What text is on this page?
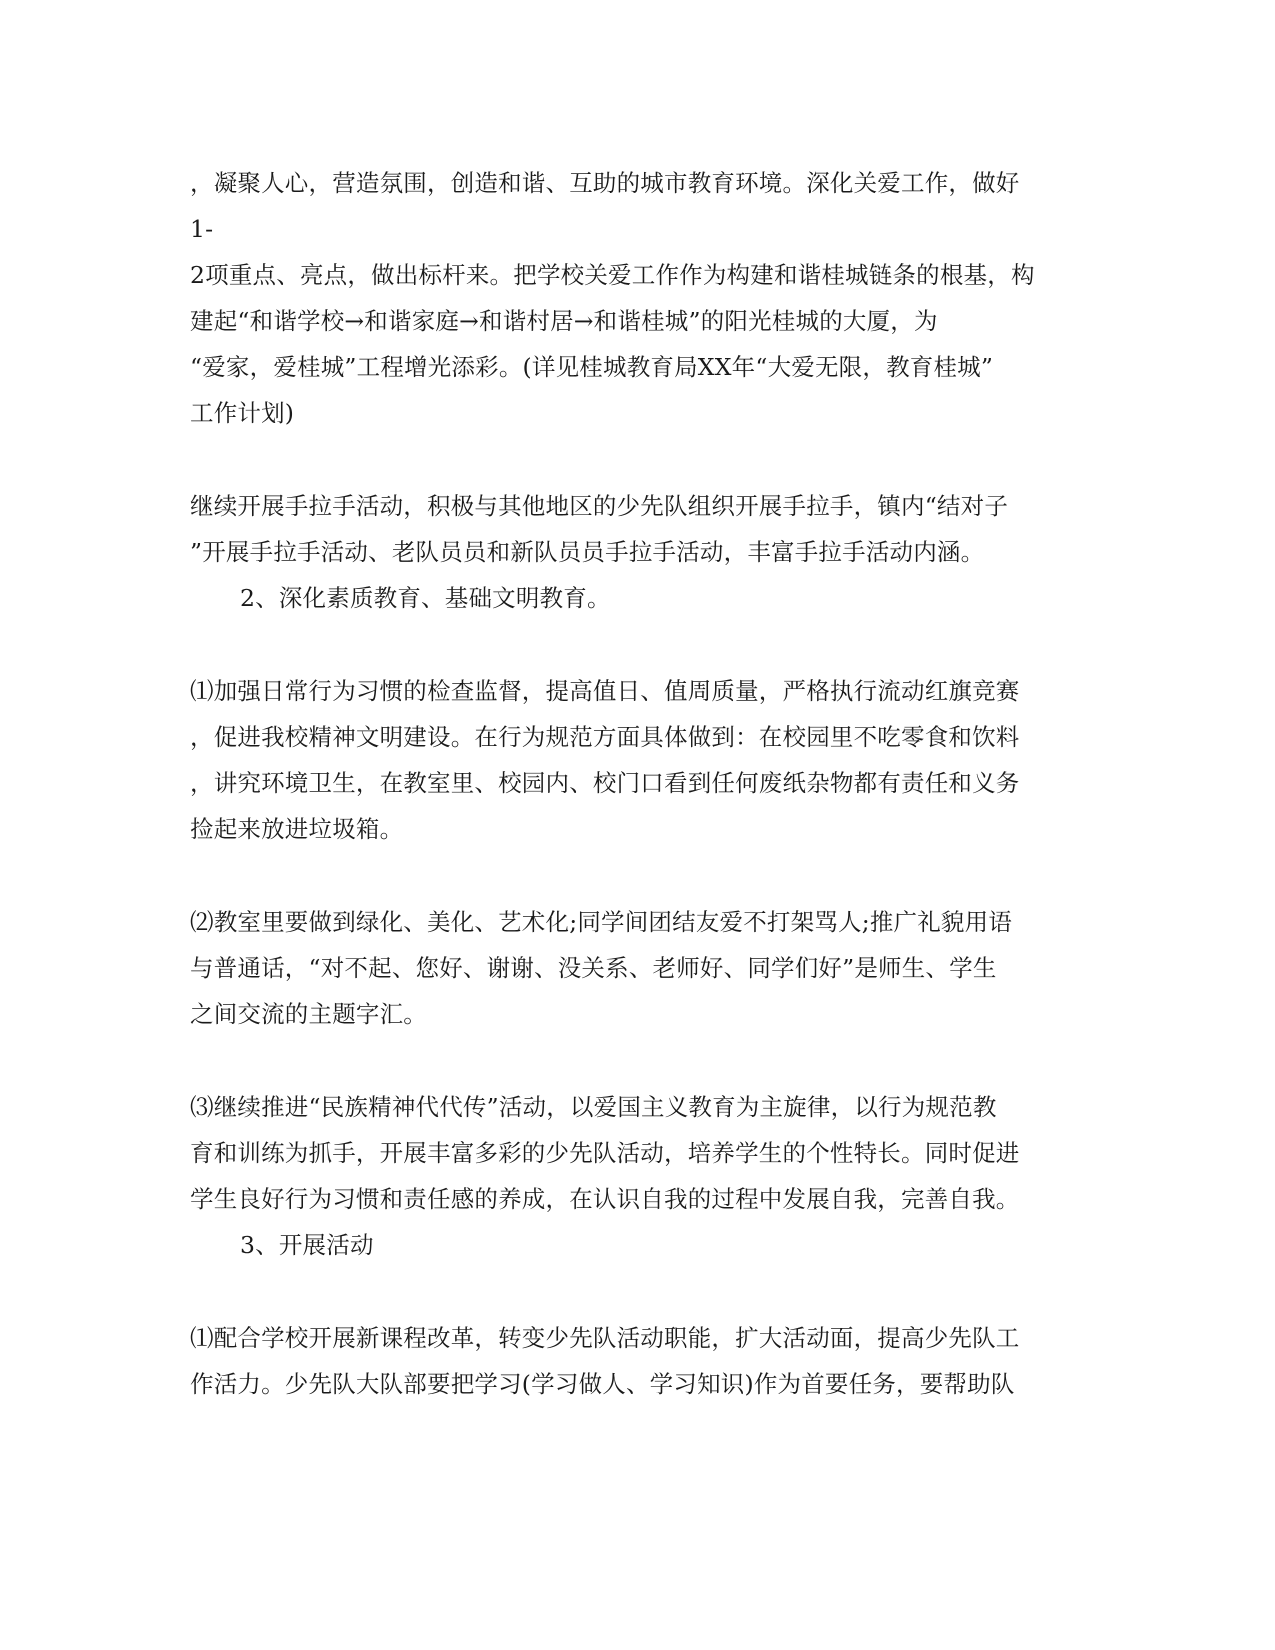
，凝聚人心，营造氛围，创造和谐、互助的城市教育环境。深化关爱工作，做好
1-
2项重点、亮点，做出标杆来。把学校关爱工作作为构建和谐桂城链条的根基，构
建起“和谐学校→和谐家庭→和谐村居→和谐桂城”的阳光桂城的大厦，为
“爱家，爱桂城”工程增光添彩。(详见桂城教育局XX年“大爱无限，教育桂城”
工作计划)
继续开展手拉手活动，积极与其他地区的少先队组织开展手拉手，镇内“结对子
”开展手拉手活动、老队员员和新队员员手拉手活动，丰富手拉手活动内涵。
2、深化素质教育、基础文明教育。
⑴加强日常行为习惯的检查监督，提高值日、值周质量，严格执行流动红旗竞赛
，促进我校精神文明建设。在行为规范方面具体做到：在校园里不吃零食和饮料
，讲究环境卫生，在教室里、校园内、校门口看到任何废纸杂物都有责任和义务
捡起来放进垃圾箱。
⑵教室里要做到绿化、美化、艺术化;同学间团结友爱不打架骂人;推广礼貌用语
与普通话，“对不起、您好、谢谢、没关系、老师好、同学们好”是师生、学生
之间交流的主题字汇。
⑶继续推进“民族精神代代传”活动，以爱国主义教育为主旋律，以行为规范教
育和训练为抓手，开展丰富多彩的少先队活动，培养学生的个性特长。同时促进
学生良好行为习惯和责任感的养成，在认识自我的过程中发展自我，完善自我。
3、开展活动
⑴配合学校开展新课程改革，转变少先队活动职能，扩大活动面，提高少先队工
作活力。少先队大队部要把学习(学习做人、学习知识)作为首要任务，要帮助队
